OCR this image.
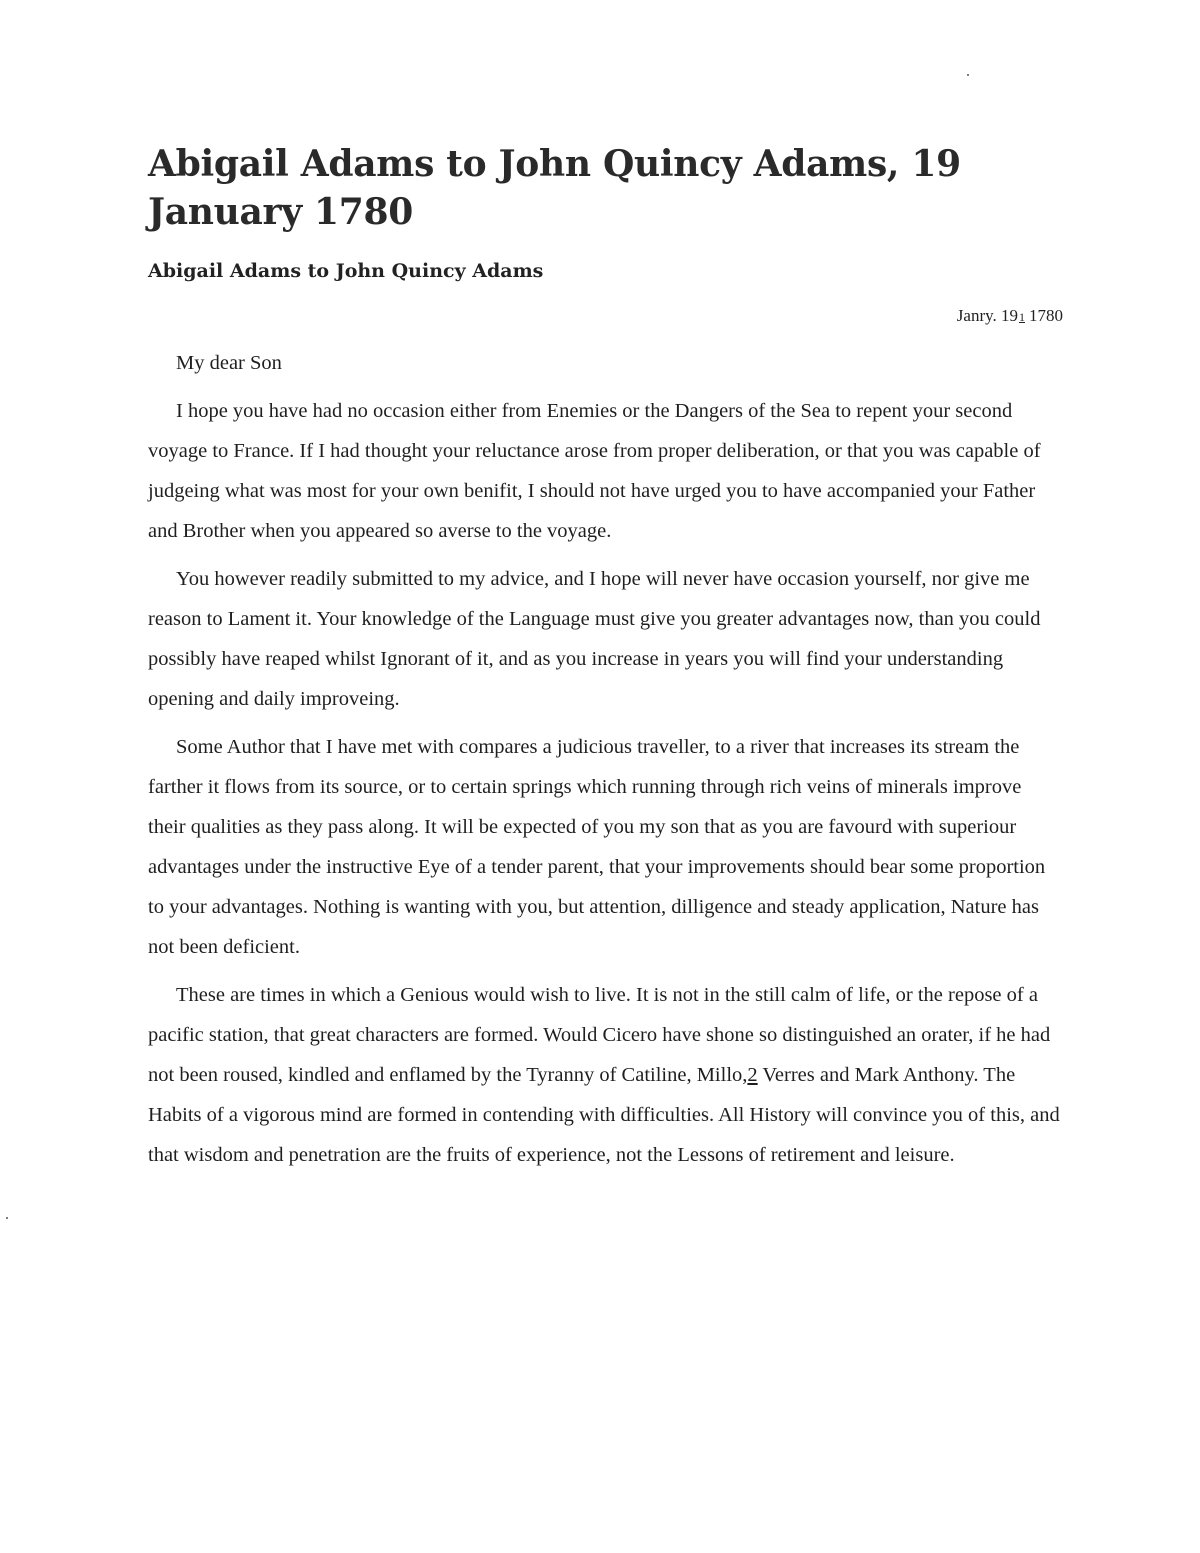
Abigail Adams to John Quincy Adams, 19 January 1780
Abigail Adams to John Quincy Adams

Janry. 191 1780

My dear Son

I hope you have had no occasion either from Enemies or the Dangers of the Sea to repent your second voyage to France. If I had thought your reluctance arose from proper deliberation, or that you was capable of judgeing what was most for your own benifit, I should not have urged you to have accompanied your Father and Brother when you appeared so averse to the voyage.

You however readily submitted to my advice, and I hope will never have occasion yourself, nor give me reason to Lament it. Your knowledge of the Language must give you greater advantages now, than you could possibly have reaped whilst Ignorant of it, and as you increase in years you will find your understanding opening and daily improveing.

Some Author that I have met with compares a judicious traveller, to a river that increases its stream the farther it flows from its source, or to certain springs which running through rich veins of minerals improve their qualities as they pass along. It will be expected of you my son that as you are favourd with superiour advantages under the instructive Eye of a tender parent, that your improvements should bear some proportion to your advantages. Nothing is wanting with you, but attention, dilligence and steady application, Nature has not been deficient.

These are times in which a Genious would wish to live. It is not in the still calm of life, or the repose of a pacific station, that great characters are formed. Would Cicero have shone so distinguished an orater, if he had not been roused, kindled and enflamed by the Tyranny of Catiline, Millo,2 Verres and Mark Anthony. The Habits of a vigorous mind are formed in contending with difficulties. All History will convince you of this, and that wisdom and penetration are the fruits of experience, not the Lessons of retirement and leisure.
